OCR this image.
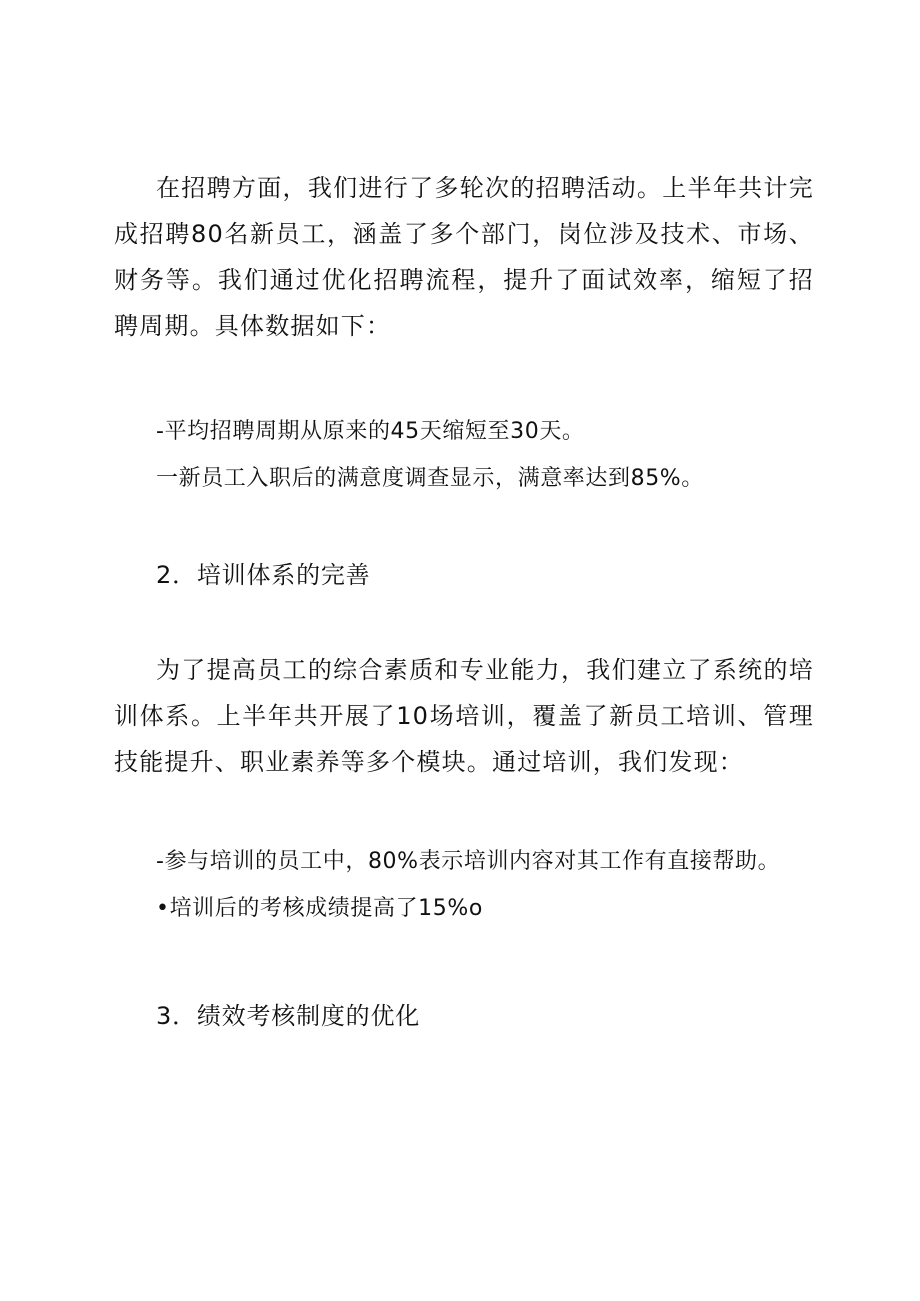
在招聘方面，我们进行了多轮次的招聘活动。上半年共计完成招聘80名新员工，涵盖了多个部门，岗位涉及技术、市场、财务等。我们通过优化招聘流程，提升了面试效率，缩短了招聘周期。具体数据如下：

-平均招聘周期从原来的45天缩短至30天。
一新员工入职后的满意度调查显示，满意率达到85%。
2．培训体系的完善

为了提高员工的综合素质和专业能力，我们建立了系统的培训体系。上半年共开展了10场培训，覆盖了新员工培训、管理技能提升、职业素养等多个模块。通过培训，我们发现：

-参与培训的员工中，80%表示培训内容对其工作有直接帮助。
•培训后的考核成绩提高了15%o
3．绩效考核制度的优化
